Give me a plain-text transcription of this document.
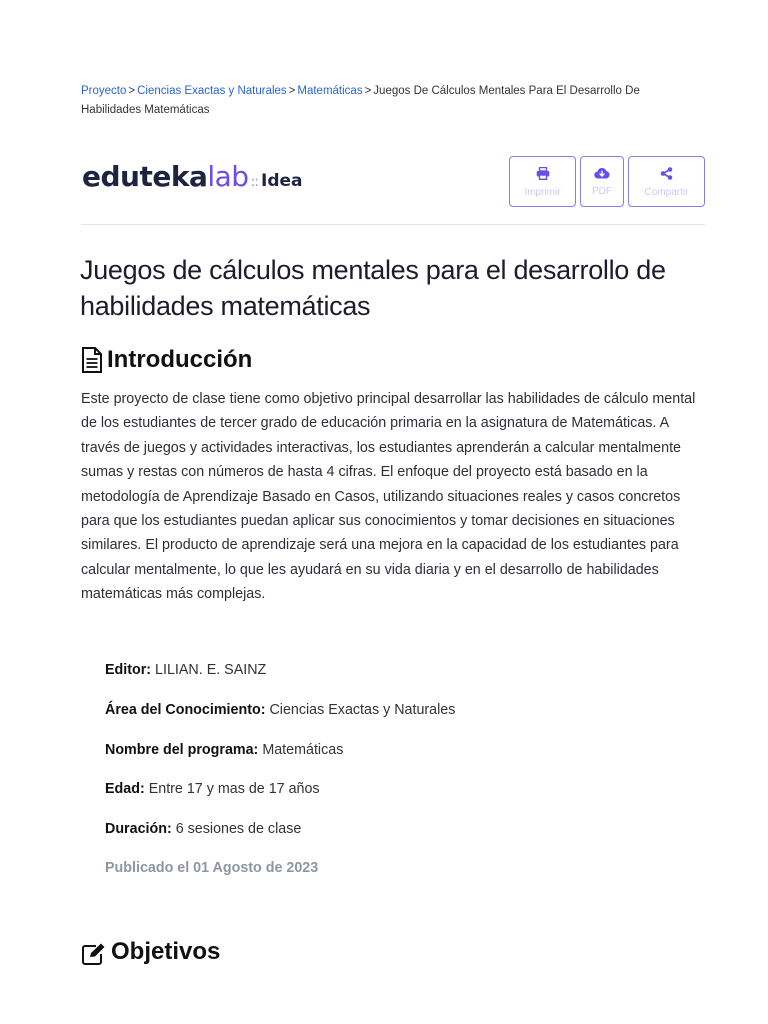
Proyecto > Ciencias Exactas y Naturales > Matemáticas > Juegos De Cálculos Mentales Para El Desarrollo De Habilidades Matemáticas
eduteka lab :: Idea
Imprimir	PDF	Compartir
Juegos de cálculos mentales para el desarrollo de habilidades matemáticas
Introducción

Este proyecto de clase tiene como objetivo principal desarrollar las habilidades de cálculo mental de los estudiantes de tercer grado de educación primaria en la asignatura de Matemáticas. A través de juegos y actividades interactivas, los estudiantes aprenderán a calcular mentalmente sumas y restas con números de hasta 4 cifras. El enfoque del proyecto está basado en la metodología de Aprendizaje Basado en Casos, utilizando situaciones reales y casos concretos para que los estudiantes puedan aplicar sus conocimientos y tomar decisiones en situaciones similares. El producto de aprendizaje será una mejora en la capacidad de los estudiantes para calcular mentalmente, lo que les ayudará en su vida diaria y en el desarrollo de habilidades matemáticas más complejas.

Editor: LILIAN. E. SAINZ
Área del Conocimiento: Ciencias Exactas y Naturales
Nombre del programa: Matemáticas
Edad: Entre 17 y mas de 17 años
Duración: 6 sesiones de clase
Publicado el 01 Agosto de 2023
Objetivos
